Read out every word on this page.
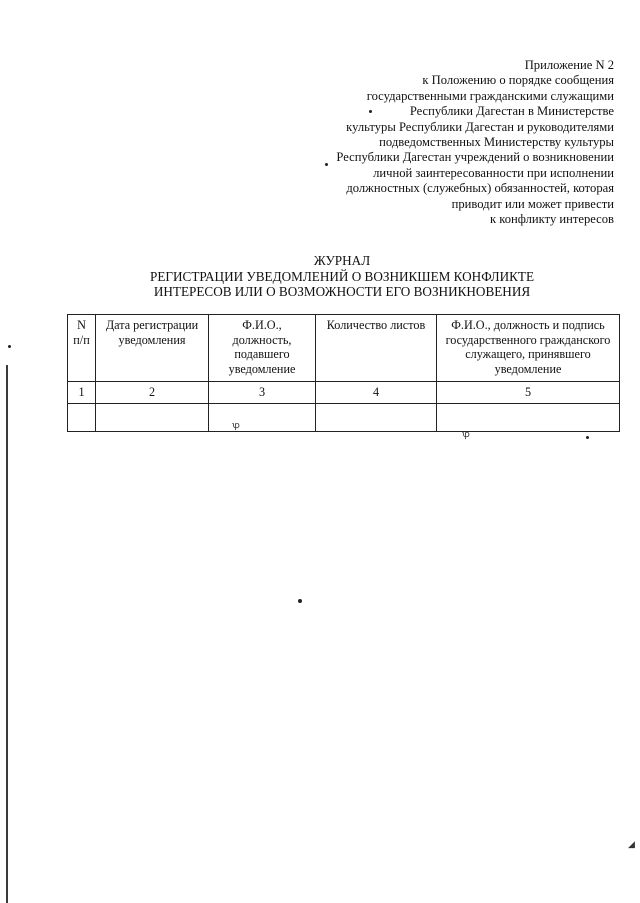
Приложение N 2
к Положению о порядке сообщения
государственными гражданскими служащими
Республики Дагестан в Министерстве
культуры Республики Дагестан и руководителями
подведомственных Министерству культуры
Республики Дагестан учреждений о возникновении
личной заинтересованности при исполнении
должностных (служебных) обязанностей, которая
приводит или может привести
к конфликту интересов
ЖУРНАЛ
РЕГИСТРАЦИИ УВЕДОМЛЕНИЙ О ВОЗНИКШЕМ КОНФЛИКТЕ
ИНТЕРЕСОВ ИЛИ О ВОЗМОЖНОСТИ ЕГО ВОЗНИКНОВЕНИЯ
N п/п	Дата регистрации уведомления	Ф.И.О., должность, подавшего уведомление	Количество листов	Ф.И.О., должность и подпись государственного гражданского служащего, принявшего уведомление
1	2	3	4	5

ꝕ
ꝕ
◢
